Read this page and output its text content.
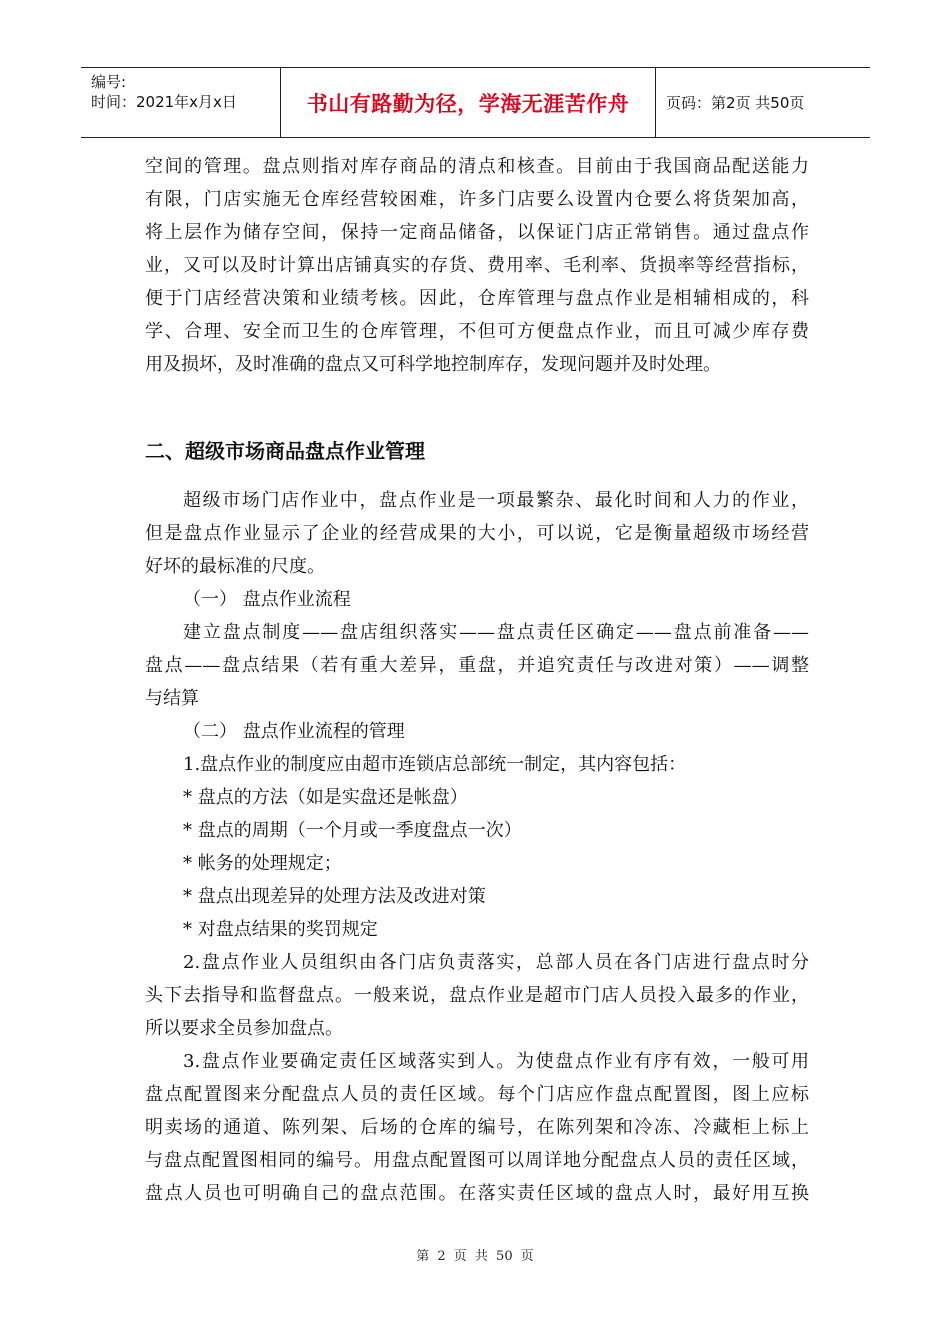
编号:
时间：2021年x月x日	书山有路勤为径，学海无涯苦作舟 页码：第2页 共50页
空间的管理。盘点则指对库存商品的清点和核查。目前由于我国商品配送能力
有限，门店实施无仓库经营较困难，许多门店要么设置内仓要么将货架加高，
将上层作为储存空间，保持一定商品储备，以保证门店正常销售。通过盘点作
业，又可以及时计算出店铺真实的存货、费用率、毛利率、货损率等经营指标，
便于门店经营决策和业绩考核。因此，仓库管理与盘点作业是相辅相成的，科
学、合理、安全而卫生的仓库管理，不但可方便盘点作业，而且可减少库存费
用及损坏，及时准确的盘点又可科学地控制库存，发现问题并及时处理。
二、超级市场商品盘点作业管理
超级市场门店作业中，盘点作业是一项最繁杂、最化时间和人力的作业，
但是盘点作业显示了企业的经营成果的大小，可以说，它是衡量超级市场经营
好坏的最标准的尺度。
（一） 盘点作业流程
建立盘点制度——盘店组织落实——盘点责任区确定——盘点前准备——
盘点——盘点结果（若有重大差异，重盘，并追究责任与改进对策）——调整
与结算
（二） 盘点作业流程的管理
1.盘点作业的制度应由超市连锁店总部统一制定，其内容包括：
* 盘点的方法（如是实盘还是帐盘）
* 盘点的周期（一个月或一季度盘点一次）
* 帐务的处理规定；
* 盘点出现差异的处理方法及改进对策
* 对盘点结果的奖罚规定
2.盘点作业人员组织由各门店负责落实，总部人员在各门店进行盘点时分
头下去指导和监督盘点。一般来说，盘点作业是超市门店人员投入最多的作业，
所以要求全员参加盘点。
3.盘点作业要确定责任区域落实到人。为使盘点作业有序有效，一般可用
盘点配置图来分配盘点人员的责任区域。每个门店应作盘点配置图，图上应标
明卖场的通道、陈列架、后场的仓库的编号，在陈列架和冷冻、冷藏柜上标上
与盘点配置图相同的编号。用盘点配置图可以周详地分配盘点人员的责任区域，
盘点人员也可明确自己的盘点范围。在落实责任区域的盘点人时，最好用互换
第 2 页 共 50 页
